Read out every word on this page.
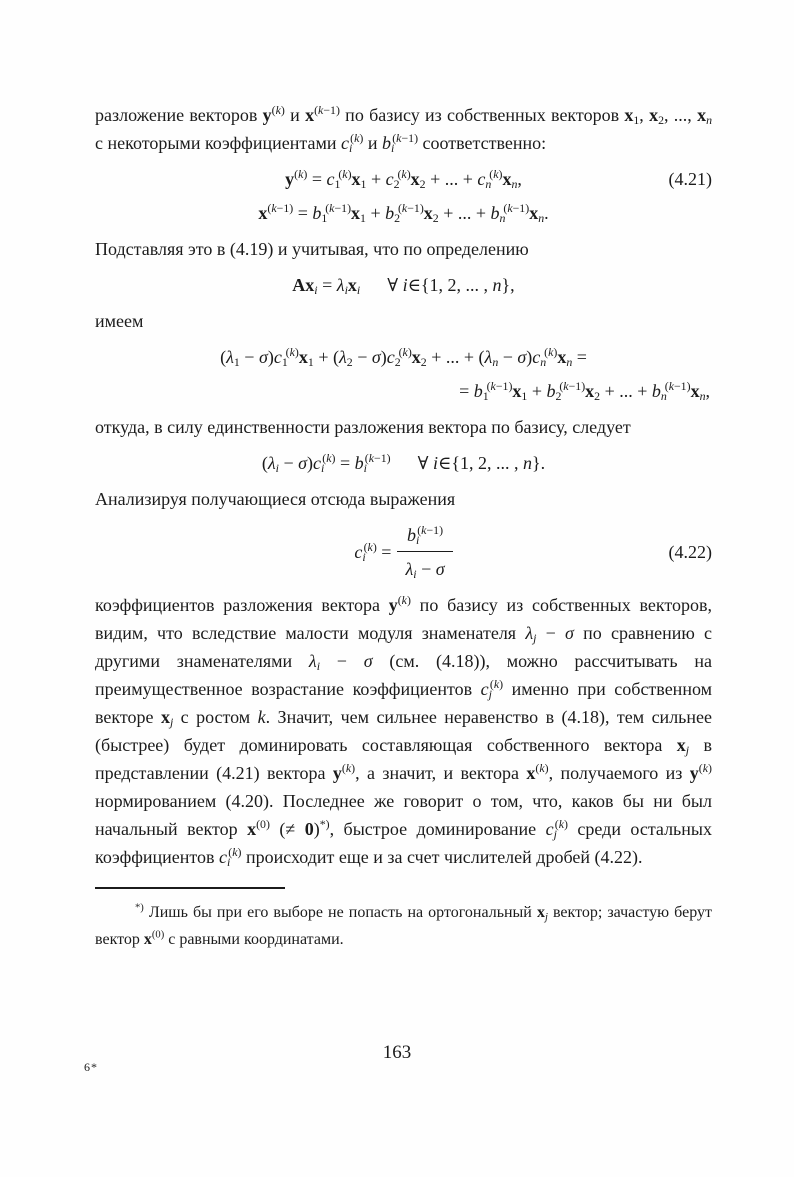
разложение векторов $y^{(k)}$ и $x^{(k-1)}$ по базису из собственных векторов $x_1$, $x_2$, ..., $x_n$ с некоторыми коэффициентами $c_i^{(k)}$ и $b_i^{(k-1)}$ соответственно:

$y^{(k)} = c_1^{(k)}x_1 + c_2^{(k)}x_2$ + ... + $c_n^{(k)}x_n$,
$x^{(k-1)} = b_1^{(k-1)}x_1 + b_2^{(k-1)}x_2$ + ... + $b_n^{(k-1)}x_n$.
(4.21)

Подставляя это в (4.19) и учитывая, что по определению

$Ax_i = \lambda_ix_i$  ∀ i∈{1, 2, ... , n},

имеем

$(\lambda_1 - \sigma)c_1^{(k)}x_1 + (\lambda_2 - \sigma)c_2^{(k)}x_2$ + ... + $(\lambda_n - \sigma)c_n^{(k)}x_n$ =
= $b_1^{(k-1)}x_1 + b_2^{(k-1)}x_2$ + ... + $b_n^{(k-1)}x_n$,

откуда, в силу единственности разложения вектора по базису, следует

$(\lambda_i - \sigma)c_i^{(k)} = b_i^{(k-1)}$  ∀ i∈{1, 2, ... , n}.

Анализируя получающиеся отсюда выражения

$c_i^{(k)} = \frac{b_i^{(k-1)}}{\lambda_i - \sigma}$	(4.22)

коэффициентов разложения вектора $y^{(k)}$ по базису из собственных векторов, видим, что вследствие малости модуля знаменателя $\lambda_j - \sigma$ по сравнению с другими знаменателями $\lambda_i - \sigma$ (см. (4.18)), можно рассчитывать на преимущественное возрастание коэффициентов $c_j^{(k)}$ именно при собственном векторе $x_j$ с ростом k. Значит, чем сильнее неравенство в (4.18), тем сильнее (быстрее) будет доминировать составляющая собственного вектора $x_j$ в представлении (4.21) вектора $y^{(k)}$, а значит, и вектора $x^{(k)}$, получаемого из $y^{(k)}$ нормированием (4.20). Последнее же говорит о том, что, каков бы ни был начальный вектор $x^{(0)}$ (≠ 0)*), быстрое доминирование $c_j^{(k)}$ среди остальных коэффициентов $c_i^{(k)}$ происходит еще и за счет числителей дробей (4.22).

*) Лишь бы при его выборе не попасть на ортогональный $x_j$ вектор; зачастую берут вектор $x^{(0)}$ с равными координатами.

163
6*
